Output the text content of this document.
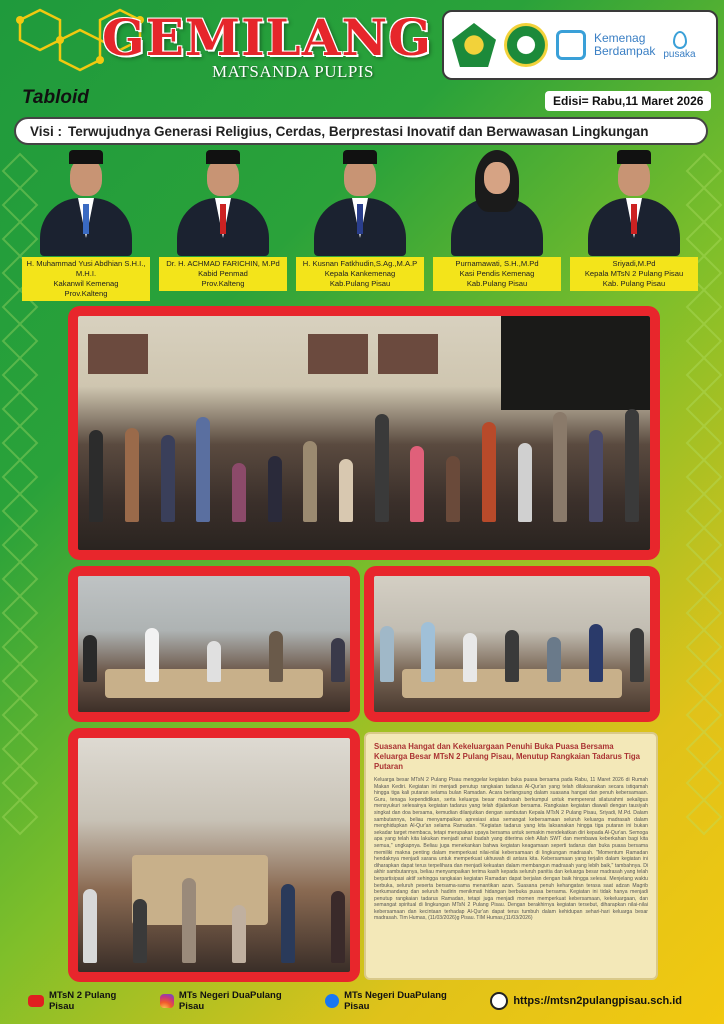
GEMILANG
MATSANDA PULPIS
Tabloid
Kemenag
Berdampak pusaka
Edisi= Rabu,11 Maret 2026
Visi : Terwujudnya Generasi Religius, Cerdas, Berprestasi Inovatif dan Berwawasan Lingkungan
H. Muhammad Yusi Abdhian S.H.I., M.H.I.
Kakanwil Kemenag
Prov.Kalteng
Dr. H. ACHMAD FARICHIN, M.Pd
Kabid Penmad
Prov.Kalteng
H. Kusnan Fatkhudin,S.Ag.,M.A.P
Kepala Kankemenag
Kab.Pulang Pisau
Purnamawati, S.H.,M.Pd
Kasi Pendis Kemenag
Kab.Pulang Pisau
Sriyadi,M.Pd
Kepala MTsN 2 Pulang Pisau
Kab. Pulang Pisau
Suasana Hangat dan Kekeluargaan Penuhi Buka Puasa Bersama Keluarga Besar MTsN 2 Pulang Pisau, Menutup Rangkaian Tadarus Tiga Putaran

Keluarga besar MTsN 2 Pulang Pisau menggelar kegiatan buka puasa bersama pada Rabu, 11 Maret 2026 di Rumah Makan Kediri. Kegiatan ini menjadi penutup rangkaian tadarus Al-Qur'an yang telah dilaksanakan secara istiqamah hingga tiga kali putaran selama bulan Ramadan. Acara berlangsung dalam suasana hangat dan penuh kebersamaan. Guru, tenaga kependidikan, serta keluarga besar madrasah berkumpul untuk mempererat silaturahmi sekaligus mensyukuri selesainya kegiatan tadarus yang telah dijalankan bersama. Rangkaian kegiatan diawali dengan tausiyah singkat dan doa bersama, kemudian dilanjutkan dengan sambutan Kepala MTsN 2 Pulang Pisau, Sriyadi, M.Pd. Dalam sambutannya, beliau menyampaikan apresiasi atas semangat kebersamaan seluruh keluarga madrasah dalam menghidupkan Al-Qur'an selama Ramadan. "Kegiatan tadarus yang kita laksanakan hingga tiga putaran ini bukan sekadar target membaca, tetapi merupakan upaya bersama untuk semakin mendekatkan diri kepada Al-Qur'an. Semoga apa yang telah kita lakukan menjadi amal ibadah yang diterima oleh Allah SWT dan membawa keberkahan bagi kita semua," ungkapnya. Beliau juga menekankan bahwa kegiatan keagamaan seperti tadarus dan buka puasa bersama memiliki makna penting dalam memperkuat nilai-nilai kebersamaan di lingkungan madrasah. "Momentum Ramadan hendaknya menjadi sarana untuk memperkuat ukhuwah di antara kita. Kebersamaan yang terjalin dalam kegiatan ini diharapkan dapat terus terpelihara dan menjadi kekuatan dalam membangun madrasah yang lebih baik," tambahnya. Di akhir sambutannya, beliau menyampaikan terima kasih kepada seluruh panitia dan keluarga besar madrasah yang telah berpartisipasi aktif sehingga rangkaian kegiatan Ramadan dapat berjalan dengan baik hingga selesai. Menjelang waktu berbuka, seluruh peserta bersama-sama menantikan azan. Suasana penuh kehangatan terasa saat adzan Magrib berkumandang dan seluruh hadirin menikmati hidangan berbuka puasa bersama. Kegiatan ini tidak hanya menjadi penutup rangkaian tadarus Ramadan, tetapi juga menjadi momen memperkuat kebersamaan, kekeluargaan, dan semangat spiritual di lingkungan MTsN 2 Pulang Pisau. Dengan berakhirnya kegiatan tersebut, diharapkan nilai-nilai kebersamaan dan kecintaan terhadap Al-Qur'an dapat terus tumbuh dalam kehidupan sehari-hari keluarga besar madrasah. Tim Humas, (11/03/2026)g Pisau. TIM Humas,(11/03/2026)

MTsN 2 Pulang Pisau
MTs Negeri DuaPulang Pisau
MTs Negeri DuaPulang Pisau	https://mtsn2pulangpisau.sch.id
